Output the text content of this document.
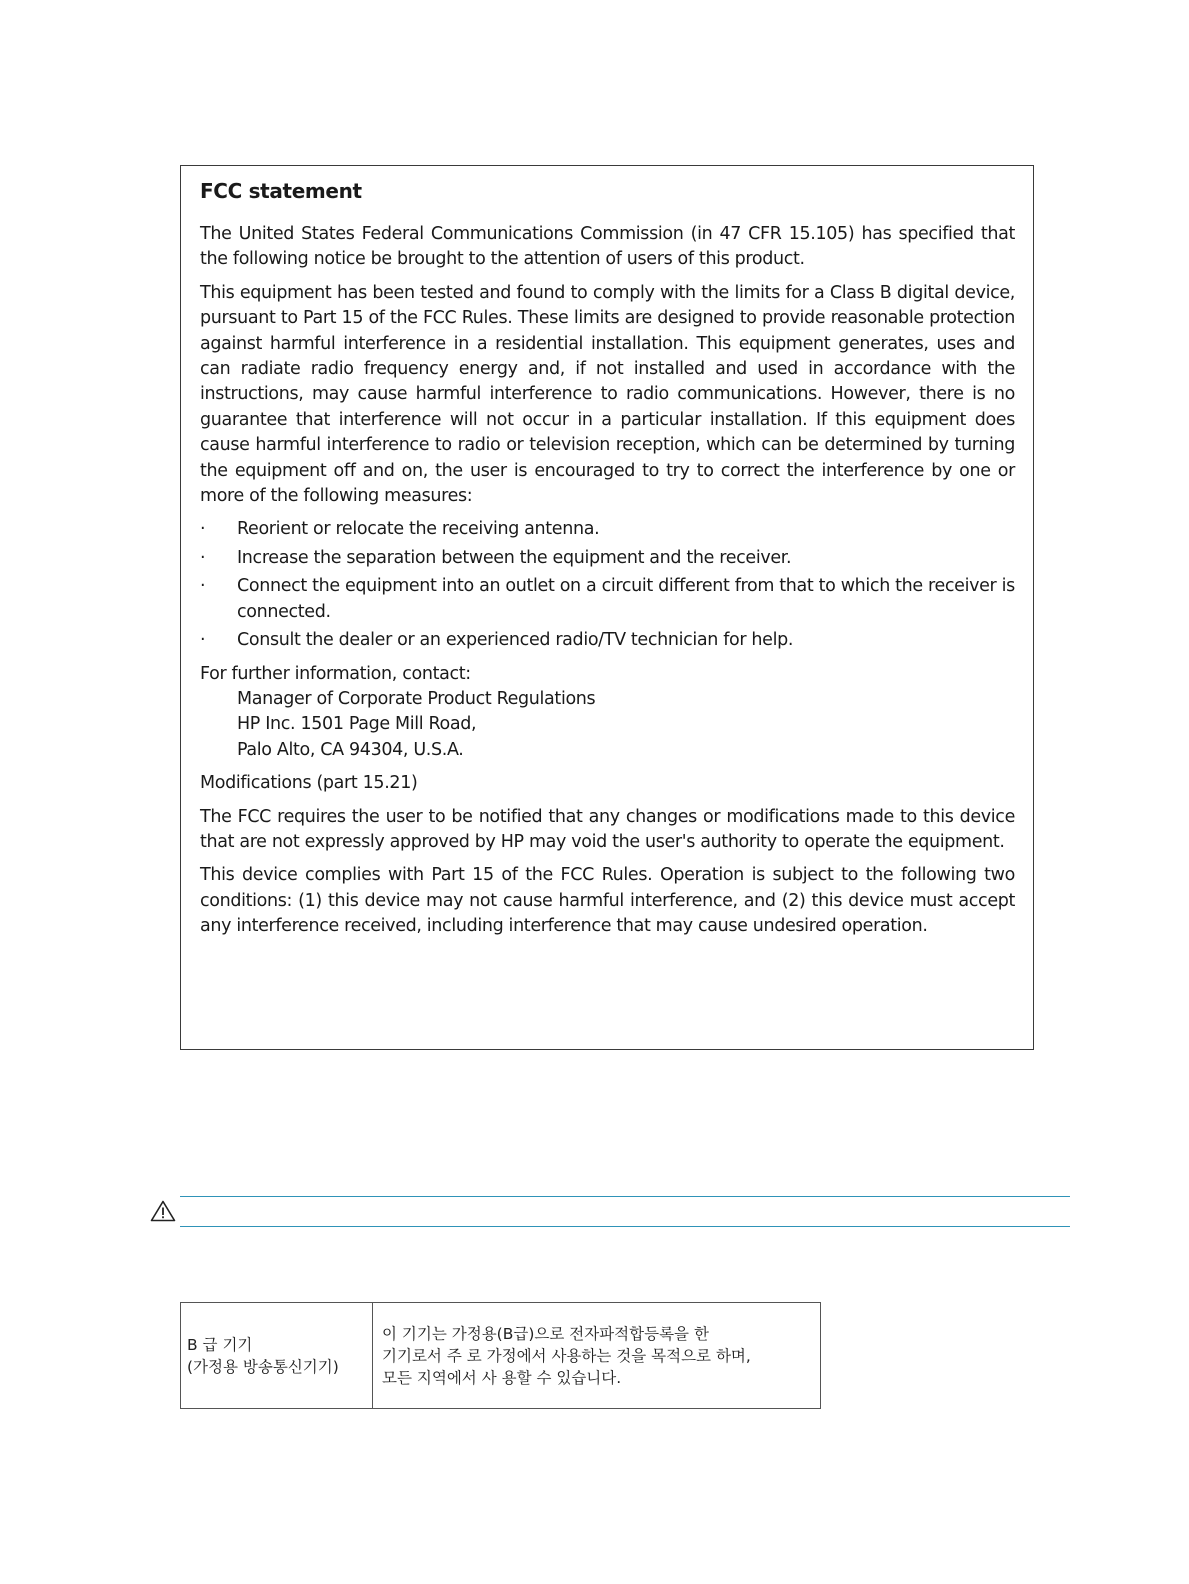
FCC statement

The United States Federal Communications Commission (in 47 CFR 15.105) has specified that the following notice be brought to the attention of users of this product.

This equipment has been tested and found to comply with the limits for a Class B digital device, pursuant to Part 15 of the FCC Rules. These limits are designed to provide reasonable protection against harmful interference in a residential installation. This equipment generates, uses and can radiate radio frequency energy and, if not installed and used in accordance with the instructions, may cause harmful interference to radio communications. However, there is no guarantee that interference will not occur in a particular installation. If this equipment does cause harmful interference to radio or television reception, which can be determined by turning the equipment off and on, the user is encouraged to try to correct the interference by one or more of the following measures:

· Reorient or relocate the receiving antenna.
· Increase the separation between the equipment and the receiver.
· Connect the equipment into an outlet on a circuit different from that to which the receiver is connected.
· Consult the dealer or an experienced radio/TV technician for help.

For further information, contact:

Manager of Corporate Product Regulations
HP Inc. 1501 Page Mill Road,
Palo Alto, CA 94304, U.S.A.

Modifications (part 15.21)

The FCC requires the user to be notified that any changes or modifications made to this device that are not expressly approved by HP may void the user's authority to operate the equipment.

This device complies with Part 15 of the FCC Rules. Operation is subject to the following two conditions: (1) this device may not cause harmful interference, and (2) this device must accept any interference received, including interference that may cause undesired operation.

B 급 기기
(가정용 방송통신기기)

이 기기는 가정용(B급)으로 전자파적합등록을 한
기기로서 주 로 가정에서 사용하는 것을 목적으로 하며,
모든 지역에서 사 용할 수 있습니다.
